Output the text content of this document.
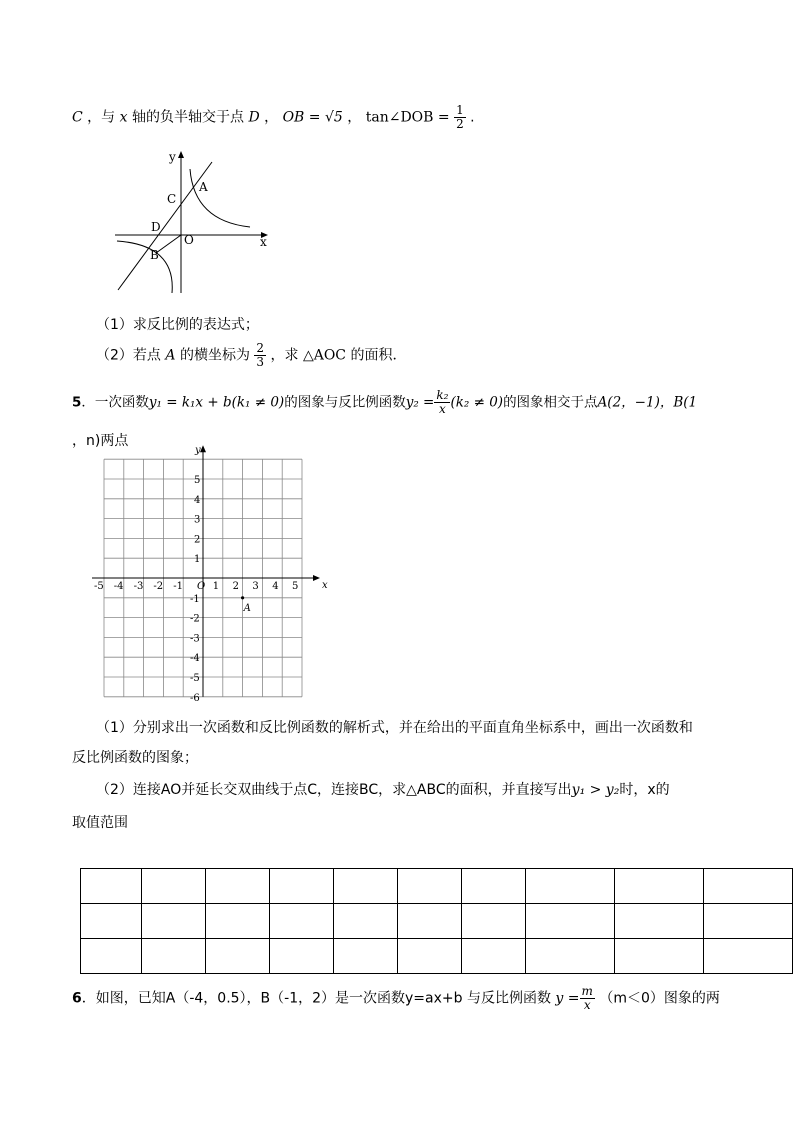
C ，与 x 轴的负半轴交于点 D ， OB = √5 ， tan∠DOB = $\frac{1}{2}$ .
y
C
A
D
O
B
x
（1）求反比例的表达式；
（2）若点 A 的横坐标为 $\frac{2}{3}$ ，求 △AOC 的面积．
5．一次函数y₁ = k₁x + b(k₁ ≠ 0)的图象与反比例函数$y_2 = \frac{\text{k₂}}{x} (k_2 \ne 0)$的图象相交于点A(2，−1)，B(1
，n)两点
-5 -4 -3 -2 -1 O 1 2 3 4 5 x
5
4
3
2
1
-1
-2
-3
-4
-5
-6
y
A
（1）分别求出一次函数和反比例函数的解析式，并在给出的平面直角坐标系中，画出一次函数和
反比例函数的图象；
（2）连接AO并延长交双曲线于点C，连接BC，求△ABC的面积，并直接写出y₁ > y₂时，x的
取值范围

6．如图，已知A（-4，0.5），B（-1，2）是一次函数y=ax+b 与反比例函数 $y = \frac{m}{x} (m<0)$图象的两
